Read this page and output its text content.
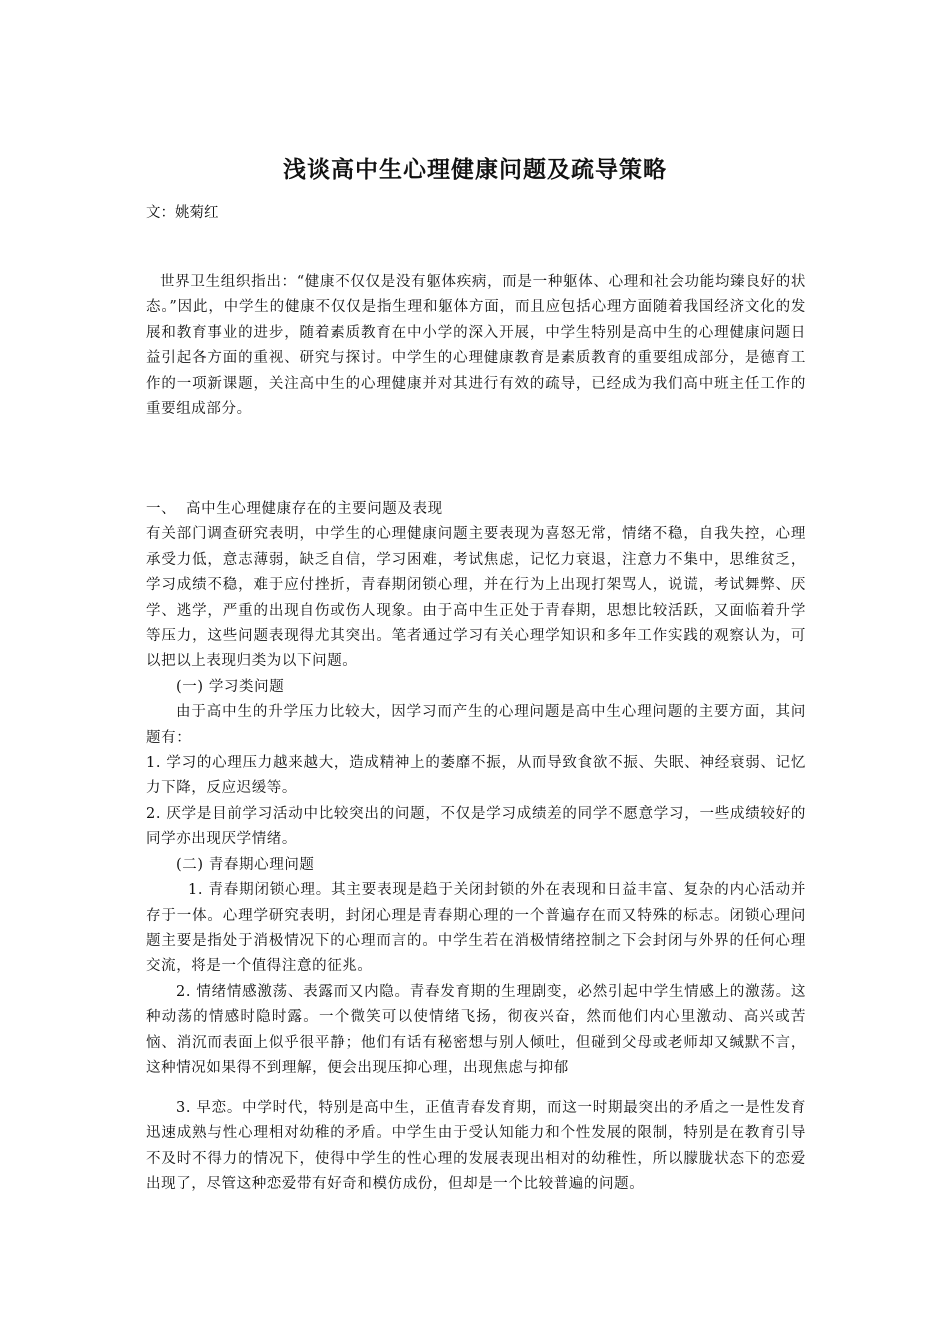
浅谈高中生心理健康问题及疏导策略
文：姚菊红

世界卫生组织指出：“健康不仅仅是没有躯体疾病，而是一种躯体、心理和社会功能均臻良好的状态。”因此，中学生的健康不仅仅是指生理和躯体方面，而且应包括心理方面随着我国经济文化的发展和教育事业的进步，随着素质教育在中小学的深入开展，中学生特别是高中生的心理健康问题日益引起各方面的重视、研究与探讨。中学生的心理健康教育是素质教育的重要组成部分，是德育工作的一项新课题，关注高中生的心理健康并对其进行有效的疏导，已经成为我们高中班主任工作的重要组成部分。

一、 高中生心理健康存在的主要问题及表现

有关部门调查研究表明，中学生的心理健康问题主要表现为喜怒无常，情绪不稳，自我失控，心理承受力低，意志薄弱，缺乏自信，学习困难，考试焦虑，记忆力衰退，注意力不集中，思维贫乏，学习成绩不稳，难于应付挫折，青春期闭锁心理，并在行为上出现打架骂人，说谎，考试舞弊、厌学、逃学，严重的出现自伤或伤人现象。由于高中生正处于青春期，思想比较活跃，又面临着升学等压力，这些问题表现得尤其突出。笔者通过学习有关心理学知识和多年工作实践的观察认为，可以把以上表现归类为以下问题。

(一) 学习类问题

由于高中生的升学压力比较大，因学习而产生的心理问题是高中生心理问题的主要方面，其问题有：

1. 学习的心理压力越来越大，造成精神上的萎靡不振，从而导致食欲不振、失眠、神经衰弱、记忆力下降，反应迟缓等。

2. 厌学是目前学习活动中比较突出的问题，不仅是学习成绩差的同学不愿意学习，一些成绩较好的同学亦出现厌学情绪。

(二) 青春期心理问题

1. 青春期闭锁心理。其主要表现是趋于关闭封锁的外在表现和日益丰富、复杂的内心活动并存于一体。心理学研究表明，封闭心理是青春期心理的一个普遍存在而又特殊的标志。闭锁心理问题主要是指处于消极情况下的心理而言的。中学生若在消极情绪控制之下会封闭与外界的任何心理交流，将是一个值得注意的征兆。

2. 情绪情感激荡、表露而又内隐。青春发育期的生理剧变，必然引起中学生情感上的激荡。这种动荡的情感时隐时露。一个微笑可以使情绪飞扬，彻夜兴奋，然而他们内心里激动、高兴或苦恼、消沉而表面上似乎很平静；他们有话有秘密想与别人倾吐，但碰到父母或老师却又缄默不言，这种情况如果得不到理解，便会出现压抑心理，出现焦虑与抑郁

3. 早恋。中学时代，特别是高中生，正值青春发育期，而这一时期最突出的矛盾之一是性发育迅速成熟与性心理相对幼稚的矛盾。中学生由于受认知能力和个性发展的限制，特别是在教育引导不及时不得力的情况下，使得中学生的性心理的发展表现出相对的幼稚性，所以朦胧状态下的恋爱出现了，尽管这种恋爱带有好奇和模仿成份，但却是一个比较普遍的问题。
